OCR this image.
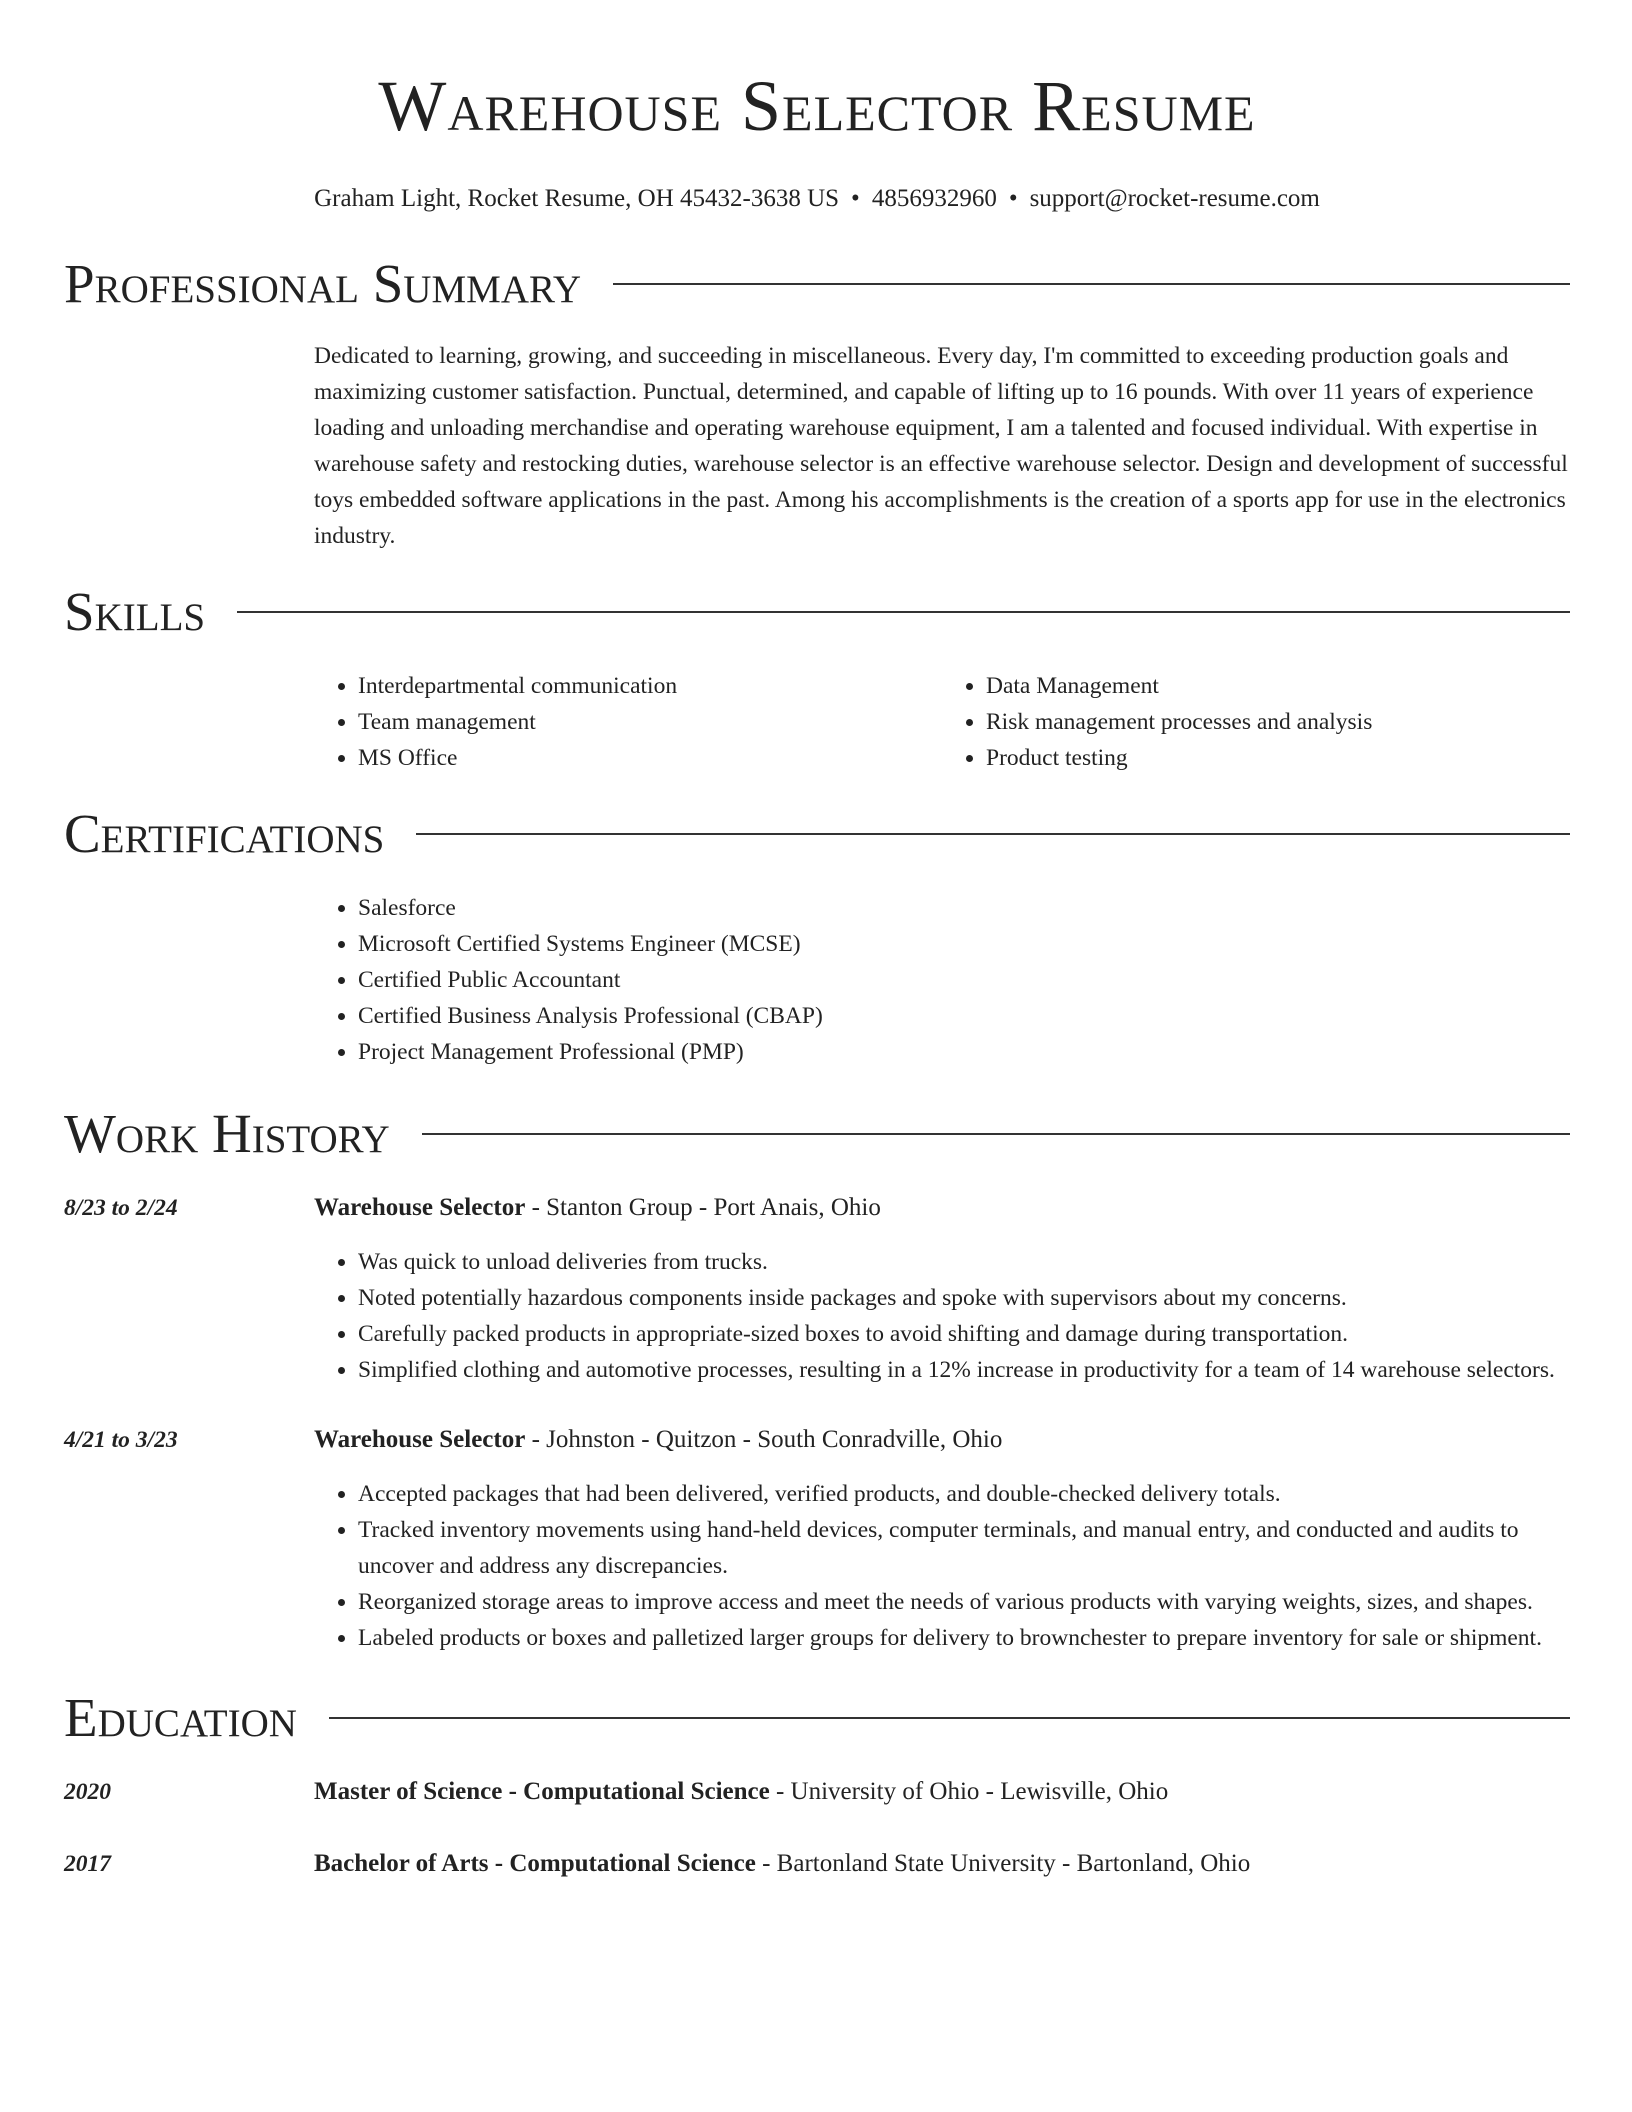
Warehouse Selector Resume
Graham Light, Rocket Resume, OH 45432-3638 US • 4856932960 • support@rocket-resume.com
Professional Summary
Dedicated to learning, growing, and succeeding in miscellaneous. Every day, I'm committed to exceeding production goals and maximizing customer satisfaction. Punctual, determined, and capable of lifting up to 16 pounds. With over 11 years of experience loading and unloading merchandise and operating warehouse equipment, I am a talented and focused individual. With expertise in warehouse safety and restocking duties, warehouse selector is an effective warehouse selector. Design and development of successful toys embedded software applications in the past. Among his accomplishments is the creation of a sports app for use in the electronics industry.
Skills
• Interdepartmental communication
• Team management
• MS Office
• Data Management
• Risk management processes and analysis
• Product testing
Certifications
• Salesforce
• Microsoft Certified Systems Engineer (MCSE)
• Certified Public Accountant
• Certified Business Analysis Professional (CBAP)
• Project Management Professional (PMP)
Work History
8/23 to 2/24	Warehouse Selector - Stanton Group - Port Anais, Ohio
• Was quick to unload deliveries from trucks.
• Noted potentially hazardous components inside packages and spoke with supervisors about my concerns.
• Carefully packed products in appropriate-sized boxes to avoid shifting and damage during transportation.
• Simplified clothing and automotive processes, resulting in a 12% increase in productivity for a team of 14 warehouse selectors.
4/21 to 3/23	Warehouse Selector - Johnston - Quitzon - South Conradville, Ohio
• Accepted packages that had been delivered, verified products, and double-checked delivery totals.
• Tracked inventory movements using hand-held devices, computer terminals, and manual entry, and conducted and audits to uncover and address any discrepancies.
• Reorganized storage areas to improve access and meet the needs of various products with varying weights, sizes, and shapes.
• Labeled products or boxes and palletized larger groups for delivery to brownchester to prepare inventory for sale or shipment.
Education
2020	Master of Science - Computational Science - University of Ohio - Lewisville, Ohio
2017	Bachelor of Arts - Computational Science - Bartonland State University - Bartonland, Ohio
